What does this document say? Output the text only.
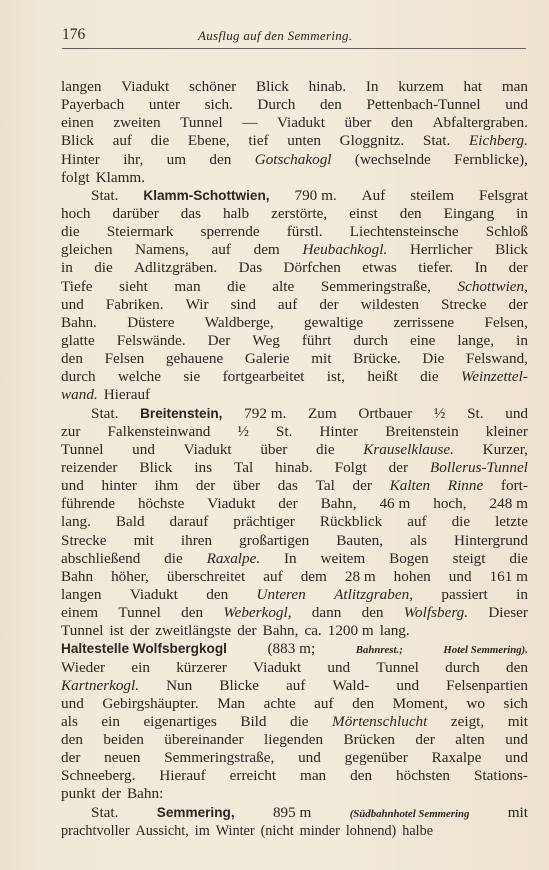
176	Ausflug auf den Semmering.
langen Viadukt schöner Blick hinab. In kurzem hat man
Payerbach unter sich. Durch den Pettenbach-Tunnel und
einen zweiten Tunnel — Viadukt über den Abfaltergraben.
Blick auf die Ebene, tief unten Gloggnitz. Stat. Eichberg.
Hinter ihr, um den Gotschakogl (wechselnde Fernblicke),
folgt Klamm.
Stat. Klamm-Schottwien, 790 m. Auf steilem Felsgrat
hoch darüber das halb zerstörte, einst den Eingang in
die Steiermark sperrende fürstl. Liechtensteinsche Schloß
gleichen Namens, auf dem Heubachkogl. Herrlicher Blick
in die Adlitzgräben. Das Dörfchen etwas tiefer. In der
Tiefe sieht man die alte Semmeringstraße, Schottwien,
und Fabriken. Wir sind auf der wildesten Strecke der
Bahn. Düstere Waldberge, gewaltige zerrissene Felsen,
glatte Felswände. Der Weg führt durch eine lange, in
den Felsen gehauene Galerie mit Brücke. Die Felswand,
durch welche sie fortgearbeitet ist, heißt die Weinzettel-
wand. Hierauf
Stat. Breitenstein, 792 m. Zum Ortbauer ½ St. und
zur Falkensteinwand ½ St. Hinter Breitenstein kleiner
Tunnel und Viadukt über die Krauselklause. Kurzer,
reizender Blick ins Tal hinab. Folgt der Bollerus-Tunnel
und hinter ihm der über das Tal der Kalten Rinne fort-
führende höchste Viadukt der Bahn, 46 m hoch, 248 m
lang. Bald darauf prächtiger Rückblick auf die letzte
Strecke mit ihren großartigen Bauten, als Hintergrund
abschließend die Raxalpe. In weitem Bogen steigt die
Bahn höher, überschreitet auf dem 28 m hohen und 161 m
langen Viadukt den Unteren Atlitzgraben, passiert in
einem Tunnel den Weberkogl, dann den Wolfsberg. Dieser
Tunnel ist der zweitlängste der Bahn, ca. 1200 m lang.
Haltestelle Wolfsbergkogl	(883 m;	Bahnrest.;	Hotel Semmering).
Wieder ein kürzerer Viadukt und Tunnel durch den
Kartnerkogl. Nun Blicke auf Wald- und Felsenpartien
und Gebirgshäupter. Man achte auf den Moment, wo sich
als ein eigenartiges Bild die Mörtenschlucht zeigt, mit
den beiden übereinander liegenden Brücken der alten und
der neuen Semmeringstraße, und gegenüber Raxalpe und
Schneeberg. Hierauf erreicht man den höchsten Stations-
punkt der Bahn:
Stat.	Semmering,	895 m	(Südbahnhotel Semmering	mit
prachtvoller Aussicht, im Winter (nicht minder lohnend) halbe
